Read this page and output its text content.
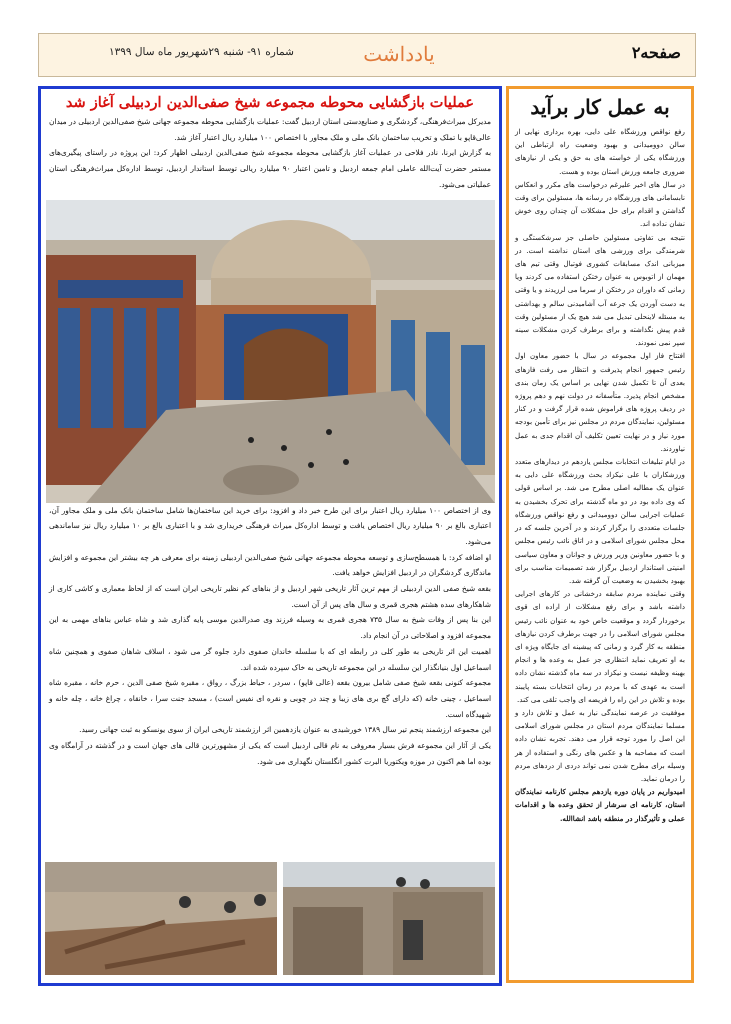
صفحه۲
یادداشت
شماره ۹۱- شنبه ۲۹شهریور ماه سال ۱۳۹۹
به عمل کار برآید

رفع نواقص ورزشگاه علی دایی، بهره برداری نهایی از سالن دوومیدانی و بهبود وضعیت راه ارتباطی این ورزشگاه یکی از خواسته های به حق و یکی از نیازهای ضروری جامعه ورزش استان بوده و هست.

در سال های اخیر علیرغم درخواست های مکرر و انعکاس نابسامانی های ورزشگاه در رسانه ها، مسئولین برای وقت گذاشتن و اقدام برای حل مشکلات آن چندان روی خوش نشان نداده اند.

نتیجه بی تفاوتی مسئولین حاصلی جز سرشکستگی و شرمندگی برای ورزشی های استان نداشته است. در میزبانی اندک مسابقات کشوری فوتبال وقتی تیم های مهمان از اتوبوس به عنوان رختکن استفاده می کردند ویا زمانی که داوران در رختکن از سرما می لرزیدند و یا وقتی به دست آوردن یک جرعه آب آشامیدنی سالم و بهداشتی به مسئله لاینحلی تبدیل می شد هیچ یک از مسئولین وقت قدم پیش نگذاشته و برای برطرف کردن مشکلات سینه سپر نمی نمودند.

افتتاح فاز اول مجموعه در سال با حضور معاون اول رئیس جمهور انجام پذیرفت و انتظار می رفت فازهای بعدی آن تا تکمیل شدن نهایی بر اساس یک زمان بندی مشخص انجام پذیرد. متأسفانه در دولت نهم و دهم پروژه در ردیف پروژه های فراموش شده قرار گرفت و در کنار مسئولین، نمایندگان مردم در مجلس نیز برای تأمین بودجه مورد نیاز و در نهایت تعیین تکلیف آن اقدام جدی به عمل نیاوردند.

در ایام تبلیغات انتخابات مجلس یازدهم در دیدارهای متعدد ورزشکاران با علی نیکزاد بحث ورزشگاه علی دایی به عنوان یک مطالبه اصلی مطرح می شد. بر اساس قولی که وی داده بود در دو ماه گذشته برای تحرک بخشیدن به عملیات اجرایی سالن دوومیدانی و رفع نواقص ورزشگاه جلسات متعددی را برگزار کردند و در آخرین جلسه که در محل مجلس شورای اسلامی و در اتاق نائب رئیس مجلس و با حضور معاونین وزیر ورزش و جوانان و معاون سیاسی امنیتی استاندار اردبیل برگزار شد تصمیمات مناسب برای بهبود بخشیدن به وضعیت آن گرفته شد.

وقتی نماینده مردم سابقه درخشانی در کارهای اجرایی داشته باشد و برای رفع مشکلات از اراده ای قوی برخوردار گردد و موقعیت خاص خود به عنوان نائب رئیس مجلس شورای اسلامی را در جهت برطرف کردن نیازهای منطقه به کار گیرد و زمانی که پیشینه ای جایگاه ویژه ای به او تعریف نماید انتظاری جز عمل به وعده ها و انجام بهینه وظیفه نیست و نیکزاد در سه ماه گذشته نشان داده است به عهدی که با مردم در زمان انتخابات بسته پایبند بوده و تلاش در این راه را فریضه ای واجب تلقی می کند.

موفقیت در عرصه نمایندگی نیاز به عمل و تلاش دارد و مسلما نمایندگان مردم استان در مجلس شورای اسلامی این اصل را مورد توجه قرار می دهند. تجربه نشان داده است که مصاحبه ها و عکس های رنگی و استفاده از هر وسیله برای مطرح شدن نمی تواند دردی از دردهای مردم را درمان نماید.

امیدواریم در پایان دوره یازدهم مجلس کارنامه نمایندگان استان، کارنامه ای سرشار از تحقق وعده ها و اقدامات عملی و تأثیرگذار در منطقه باشد انشاالله.

عملیات بازگشایی محوطه مجموعه شیخ صفی‌الدین اردبیلی آغاز شد

مدیرکل میراث‌فرهنگی، گردشگری و صنایع‌دستی استان اردبیل گفت: عملیات بازگشایی محوطه مجموعه جهانی شیخ صفی‌الدین اردبیلی در میدان عالی‌قاپو با تملک و تخریب ساختمان بانک ملی و ملک مجاور با اختصاص ۱۰۰ میلیارد ریال اعتبار آغاز شد.

به گزارش ایرنا، نادر فلاحی در عملیات آغاز بازگشایی محوطه مجموعه شیخ صفی‌الدین اردبیلی اظهار کرد: این پروژه در راستای پیگیری‌های مستمر حضرت آیت‌الله عاملی امام جمعه اردبیل و تامین اعتبار ۹۰ میلیارد ریالی توسط استاندار اردبیل، توسط اداره‌کل میراث‌فرهنگی استان عملیاتی می‌شود.

وی از اختصاص ۱۰۰ میلیارد ریال اعتبار برای این طرح خبر داد و افزود: برای خرید این ساختمان‌ها شامل ساختمان بانک ملی و ملک مجاور آن، اعتباری بالغ بر ۹۰ میلیارد ریال اختصاص یافت و توسط اداره‌کل میراث فرهنگی خریداری شد و با اعتباری بالغ بر ۱۰ میلیارد ریال نیز ساماندهی می‌شود.

او اضافه کرد: با همسطح‌سازی و توسعه محوطه مجموعه جهانی شیخ صفی‌الدین اردبیلی زمینه برای معرفی هر چه بیشتر این مجموعه و افزایش ماندگاری گردشگران در اردبیل افزایش خواهد یافت.

بقعه شیخ صفی الدین اردبیلی از مهم ترین آثار تاریخی شهر اردبیل و از بناهای کم نظیر تاریخی ایران است که از لحاظ معماری و کاشی کاری از شاهکارهای سده هشتم هجری قمری و سال های پس از آن است.

این بنا پس از وفات شیخ به سال ۷۳۵ هجری قمری به وسیله فرزند وی صدرالدین موسی پایه گذاری شد و شاه عباس بناهای مهمی به این مجموعه افزود و اصلاحاتی در آن انجام داد.

اهمیت این اثر تاریخی به طور کلی در رابطه ای که با سلسله خاندان صفوی دارد جلوه گر می شود ، اسلاف شاهان صفوی و همچنین شاه اسماعیل اول بنیانگذار این سلسله در این مجموعه تاریخی به خاک سپرده شده اند.

مجموعه کنونی بقعه شیخ صفی شامل بیرون بقعه (عالی قاپو) ، سردر ، حیاط بزرگ ، رواق ، مقبره شیخ صفی الدین ، حرم خانه ، مقبره شاه اسماعیل ، چینی خانه (که دارای گچ بری های زیبا و چند در چوبی و نقره ای نفیس است) ، مسجد جنت سرا ، خانقاه ، چراغ خانه ، چله خانه و شهیدگاه است.

این مجموعه ارزشمند پنجم تیر سال ۱۳۸۹ خورشیدی به عنوان یازدهمین اثر ارزشمند تاریخی ایران از سوی یونسکو به ثبت جهانی رسید.

یکی از آثار این مجموعه فرش بسیار معروفی به نام قالی اردبیل است که یکی از مشهورترین قالی های جهان است و در گذشته در آرامگاه وی بوده اما هم اکنون در موزه ویکتوریا البرت کشور انگلستان نگهداری می شود.
